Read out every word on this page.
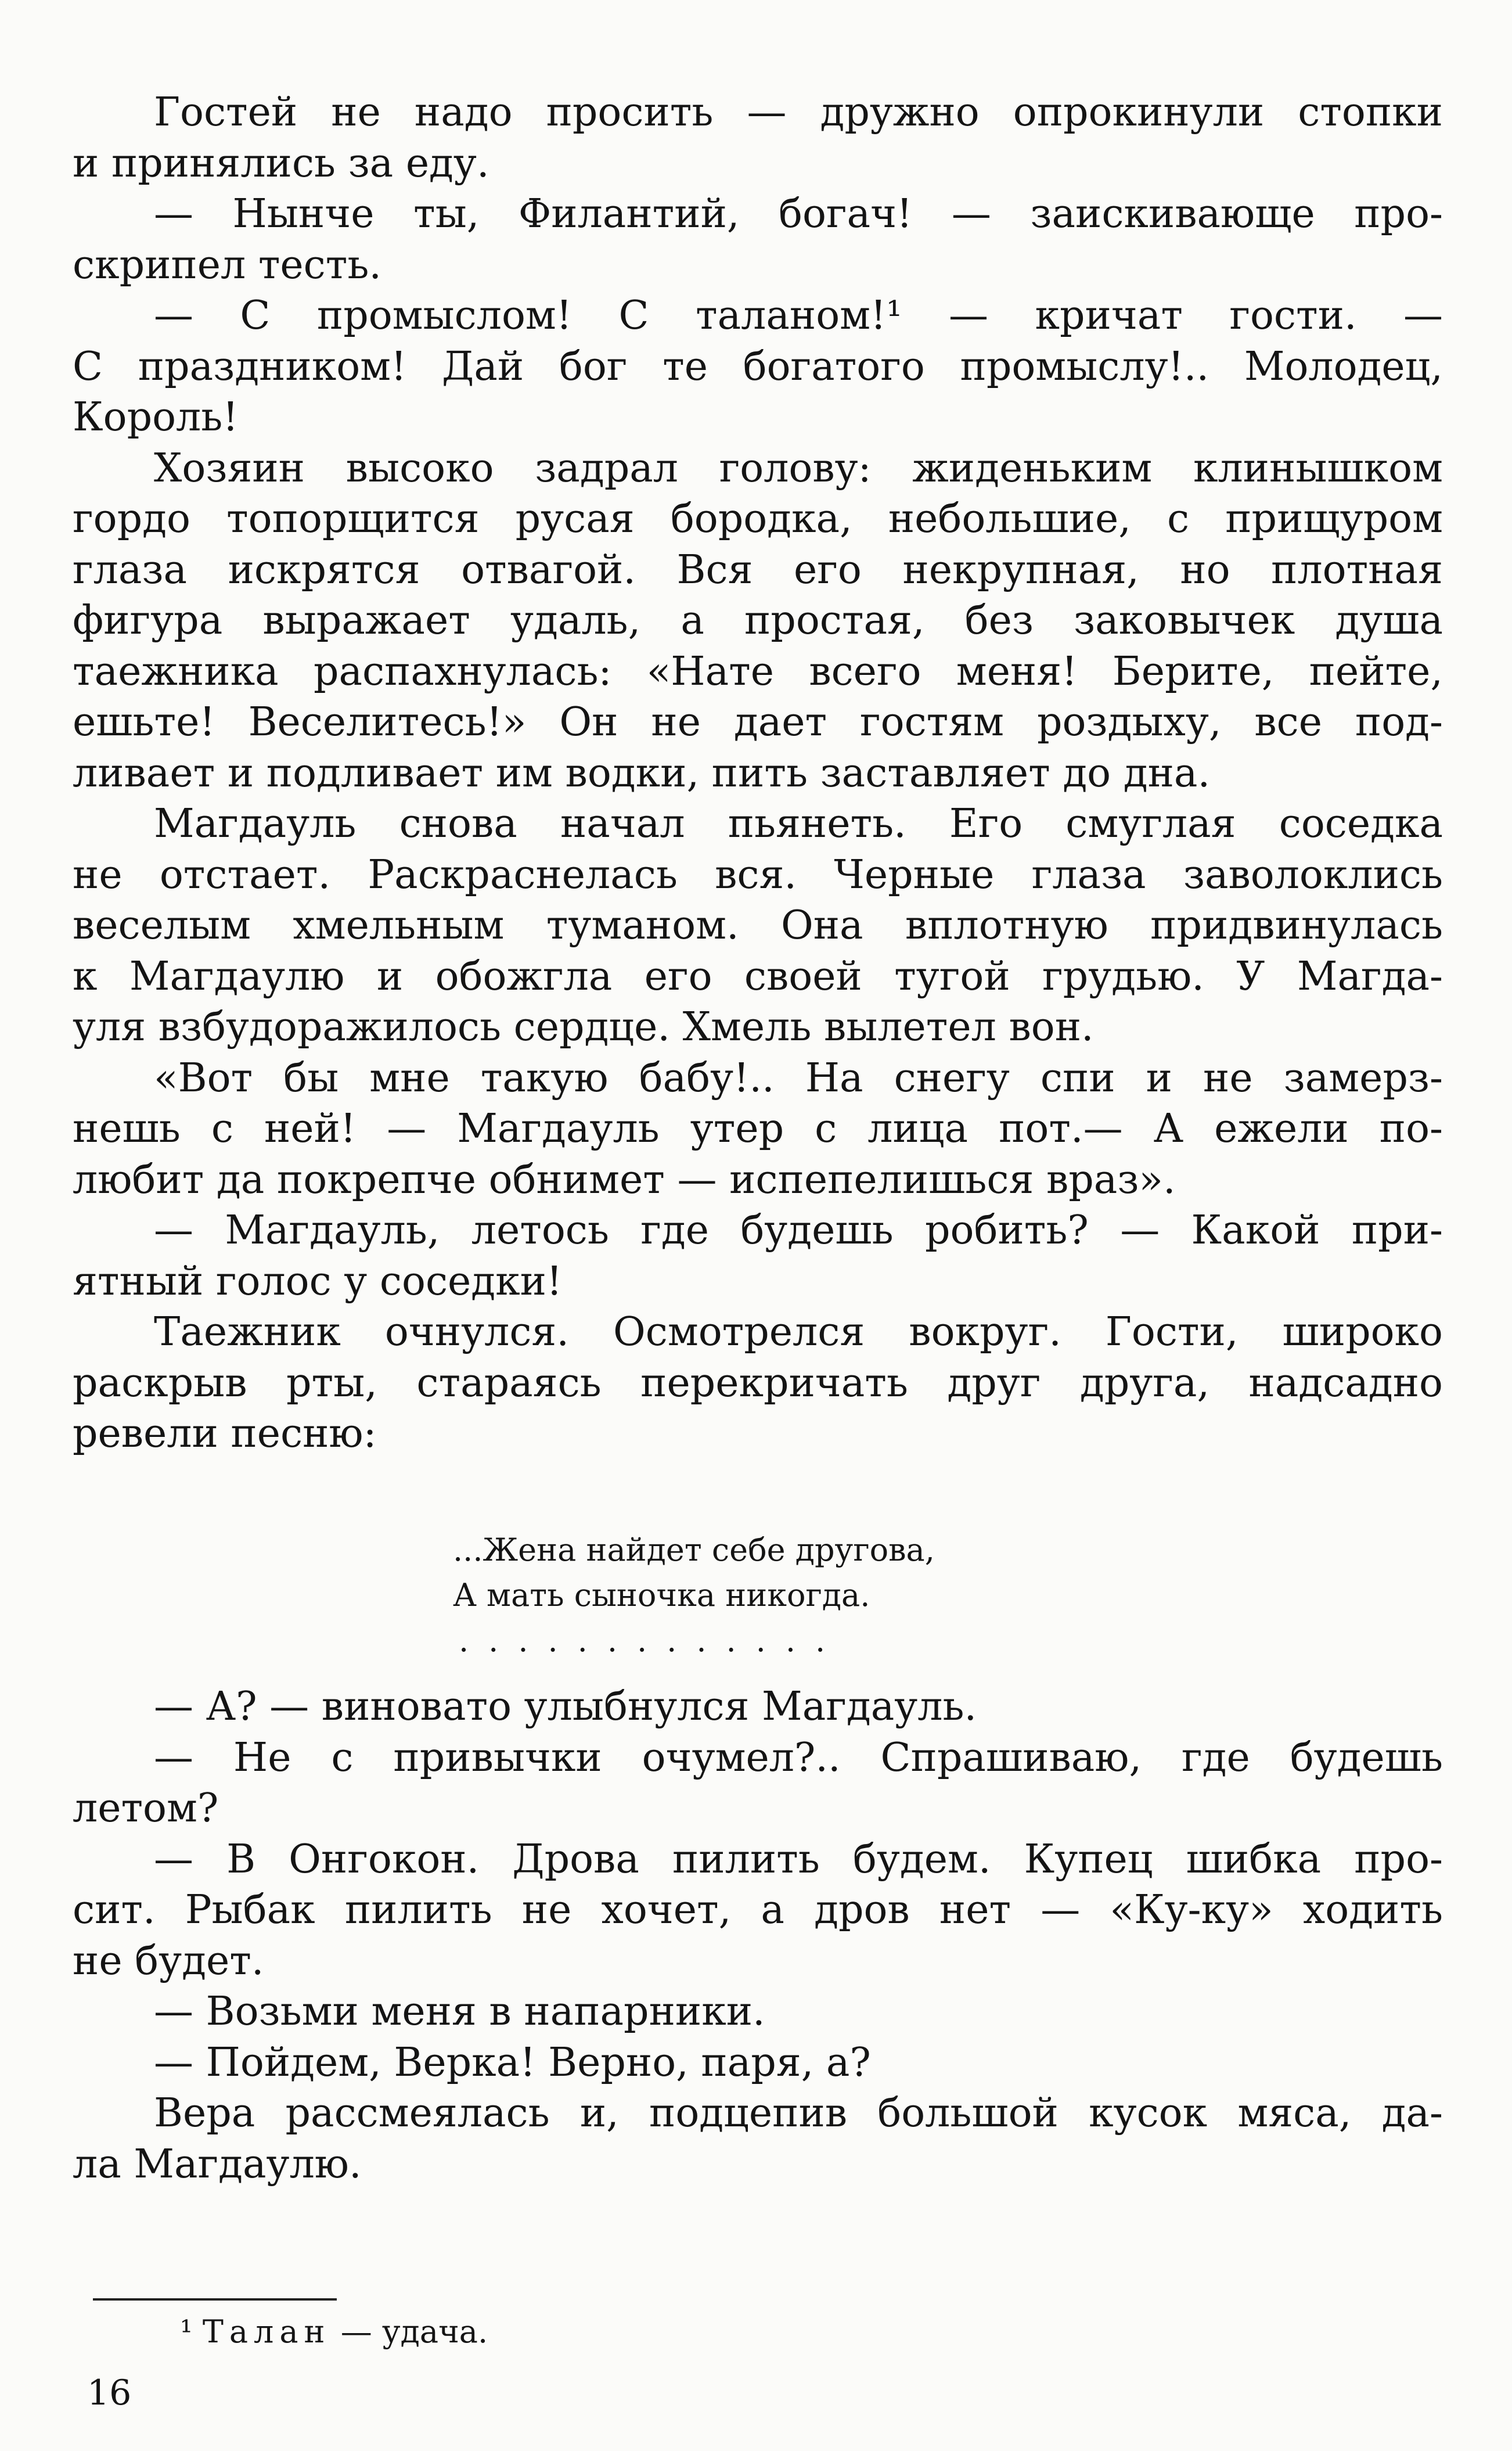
Гостей не надо просить — дружно опрокинули стопки

и принялись за еду.

— Нынче ты, Филантий, богач! — заискивающе про-

скрипел тесть.

— С промыслом! С таланом!¹ — кричат гости. —

С праздником! Дай бог те богатого промыслу!.. Молодец,

Король!

Хозяин высоко задрал голову: жиденьким клинышком

гордо топорщится русая бородка, небольшие, с прищуром

глаза искрятся отвагой. Вся его некрупная, но плотная

фигура выражает удаль, а простая, без заковычек душа

таежника распахнулась: «Нате всего меня! Берите, пейте,

ешьте! Веселитесь!» Он не дает гостям роздыху, все под-

ливает и подливает им водки, пить заставляет до дна.

Магдауль снова начал пьянеть. Его смуглая соседка

не отстает. Раскраснелась вся. Черные глаза заволоклись

веселым хмельным туманом. Она вплотную придвинулась

к Магдаулю и обожгла его своей тугой грудью. У Магда-

уля взбудоражилось сердце. Хмель вылетел вон.

«Вот бы мне такую бабу!.. На снегу спи и не замерз-

нешь с ней! — Магдауль утер с лица пот.— А ежели по-

любит да покрепче обнимет — испепелишься враз».

— Магдауль, летось где будешь робить? — Какой при-

ятный голос у соседки!

Таежник очнулся. Осмотрелся вокруг. Гости, широко

раскрыв рты, стараясь перекричать друг друга, надсадно

ревели песню:

...Жена найдет себе другова,
А мать сыночка никогда.
.............

— А? — виновато улыбнулся Магдауль.

— Не с привычки очумел?.. Спрашиваю, где будешь

летом?

— В Онгокон. Дрова пилить будем. Купец шибка про-

сит. Рыбак пилить не хочет, а дров нет — «Ку-ку» ходить

не будет.

— Возьми меня в напарники.

— Пойдем, Верка! Верно, паря, а?

Вера рассмеялась и, подцепив большой кусок мяса, да-

ла Магдаулю.

¹ Талан — удача.
16
